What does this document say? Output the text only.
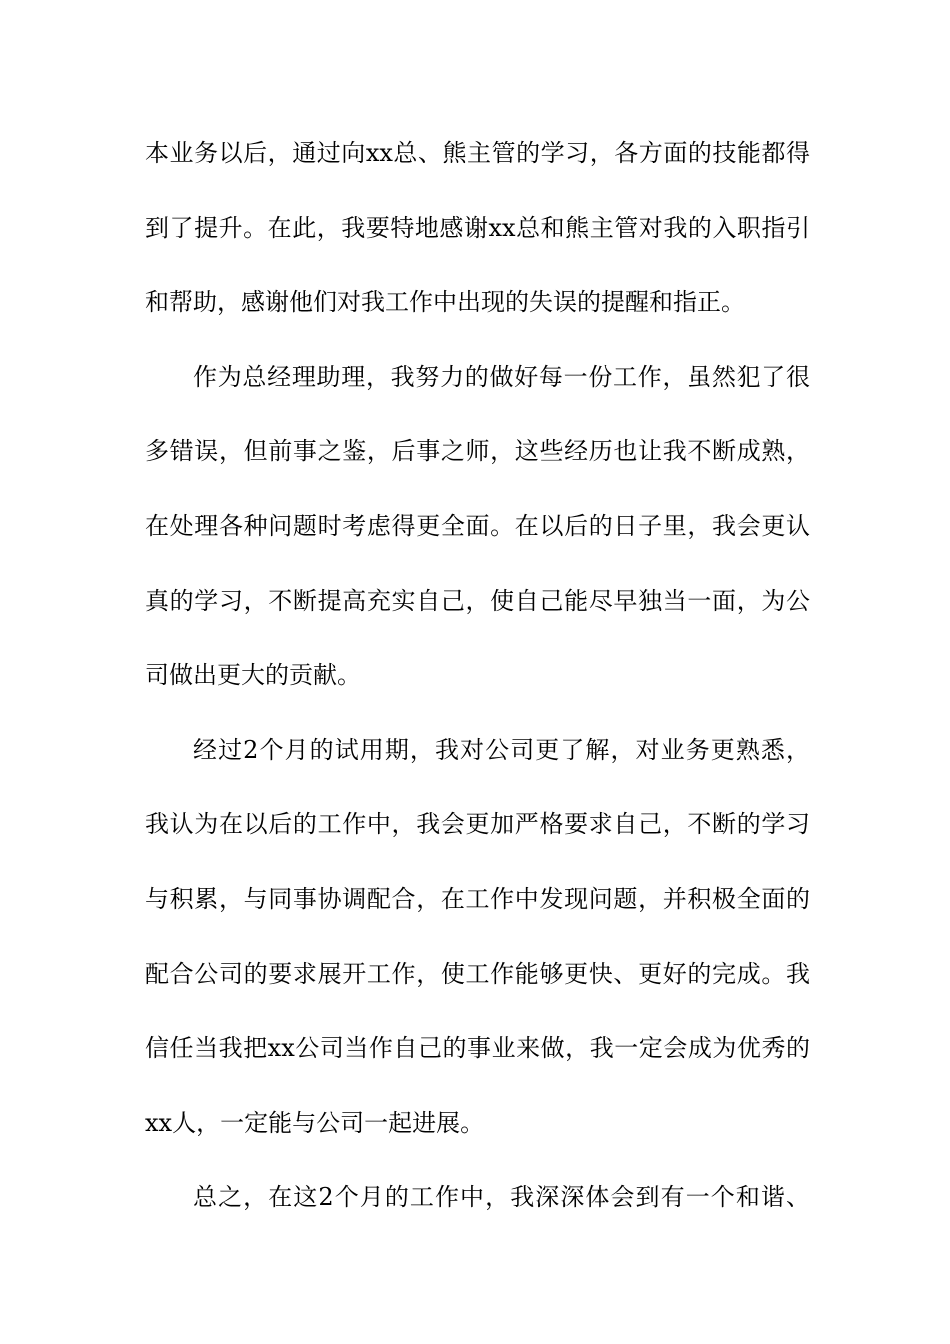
本业务以后，通过向xx总、熊主管的学习，各方面的技能都得
到了提升。在此，我要特地感谢xx总和熊主管对我的入职指引
和帮助，感谢他们对我工作中出现的失误的提醒和指正。
作为总经理助理，我努力的做好每一份工作，虽然犯了很
多错误，但前事之鉴，后事之师，这些经历也让我不断成熟，
在处理各种问题时考虑得更全面。在以后的日子里，我会更认
真的学习，不断提高充实自己，使自己能尽早独当一面，为公
司做出更大的贡献。
经过2个月的试用期，我对公司更了解，对业务更熟悉，
我认为在以后的工作中，我会更加严格要求自己，不断的学习
与积累，与同事协调配合，在工作中发现问题，并积极全面的
配合公司的要求展开工作，使工作能够更快、更好的完成。我
信任当我把xx公司当作自己的事业来做，我一定会成为优秀的
xx人，一定能与公司一起进展。
总之，在这2个月的工作中，我深深体会到有一个和谐、
